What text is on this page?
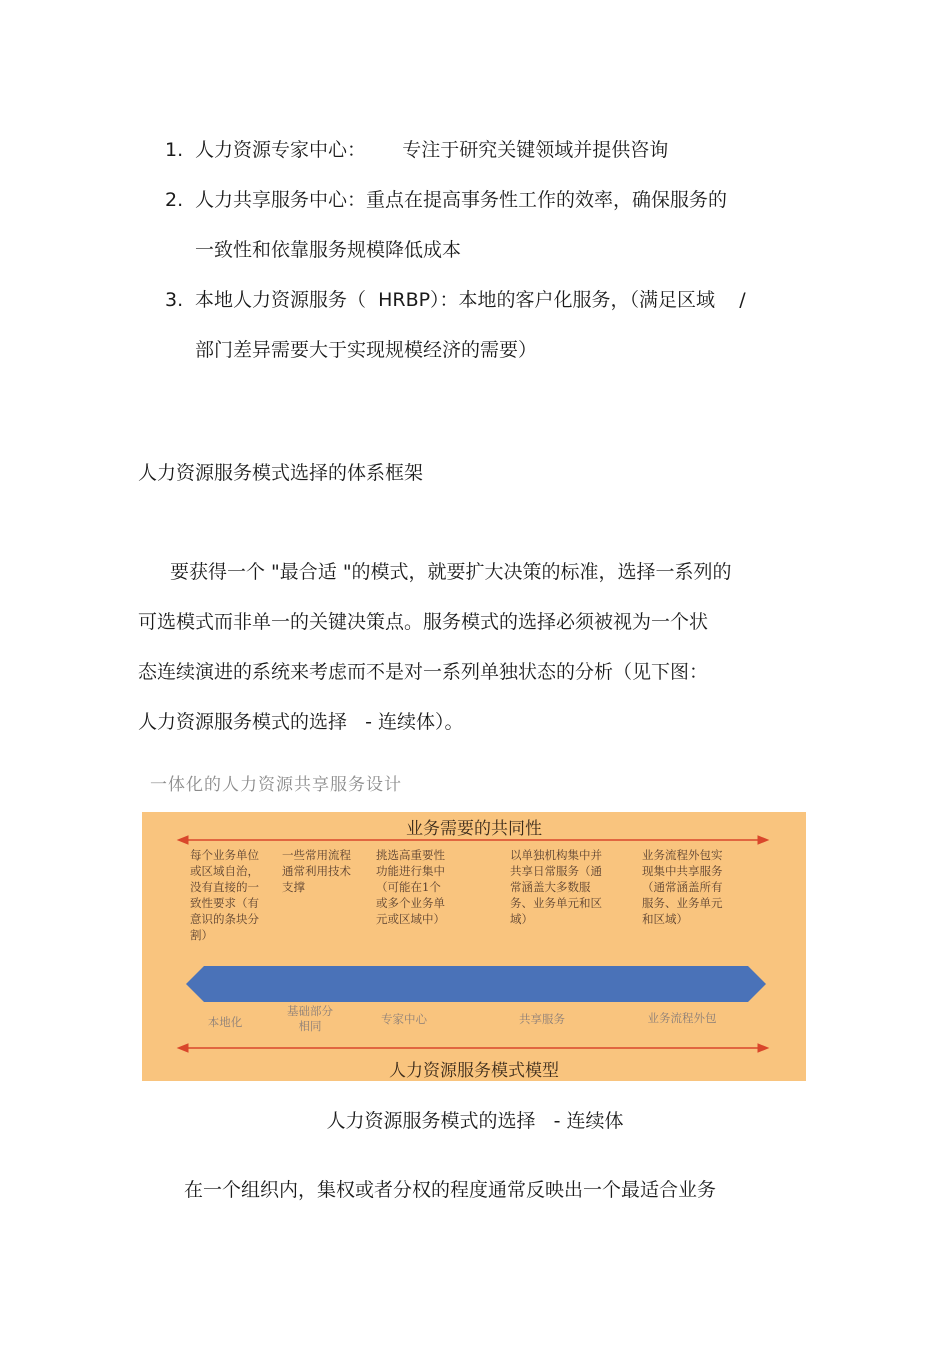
1. 人力资源专家中心：      专注于研究关键领域并提供咨询
2. 人力共享服务中心：重点在提高事务性工作的效率，确保服务的
一致性和依靠服务规模降低成本
3. 本地人力资源服务（  HRBP）：本地的客户化服务，（满足区域    /
部门差异需要大于实现规模经济的需要）
人力资源服务模式选择的体系框架
要获得一个 "最合适 "的模式，就要扩大决策的标准，选择一系列的
可选模式而非单一的关键决策点。服务模式的选择必须被视为一个状
态连续演进的系统来考虑而不是对一系列单独状态的分析（见下图：
人力资源服务模式的选择   - 连续体）。
一体化的人力资源共享服务设计
业务需要的共同性
每个业务单位或区域自治，没有直接的一致性要求（有意识的条块分割）
一些常用流程通常利用技术支撑
挑选高重要性功能进行集中（可能在1个或多个业务单元或区域中）
以单独机构集中并共享日常服务（通常涵盖大多数服务、业务单元和区域）
业务流程外包实现集中共享服务（通常涵盖所有服务、业务单元和区域）
本地化
基础部分相同	专家中心	共享服务	业务流程外包
人力资源服务模式模型
人力资源服务模式的选择   - 连续体
在一个组织内，集权或者分权的程度通常反映出一个最适合业务
